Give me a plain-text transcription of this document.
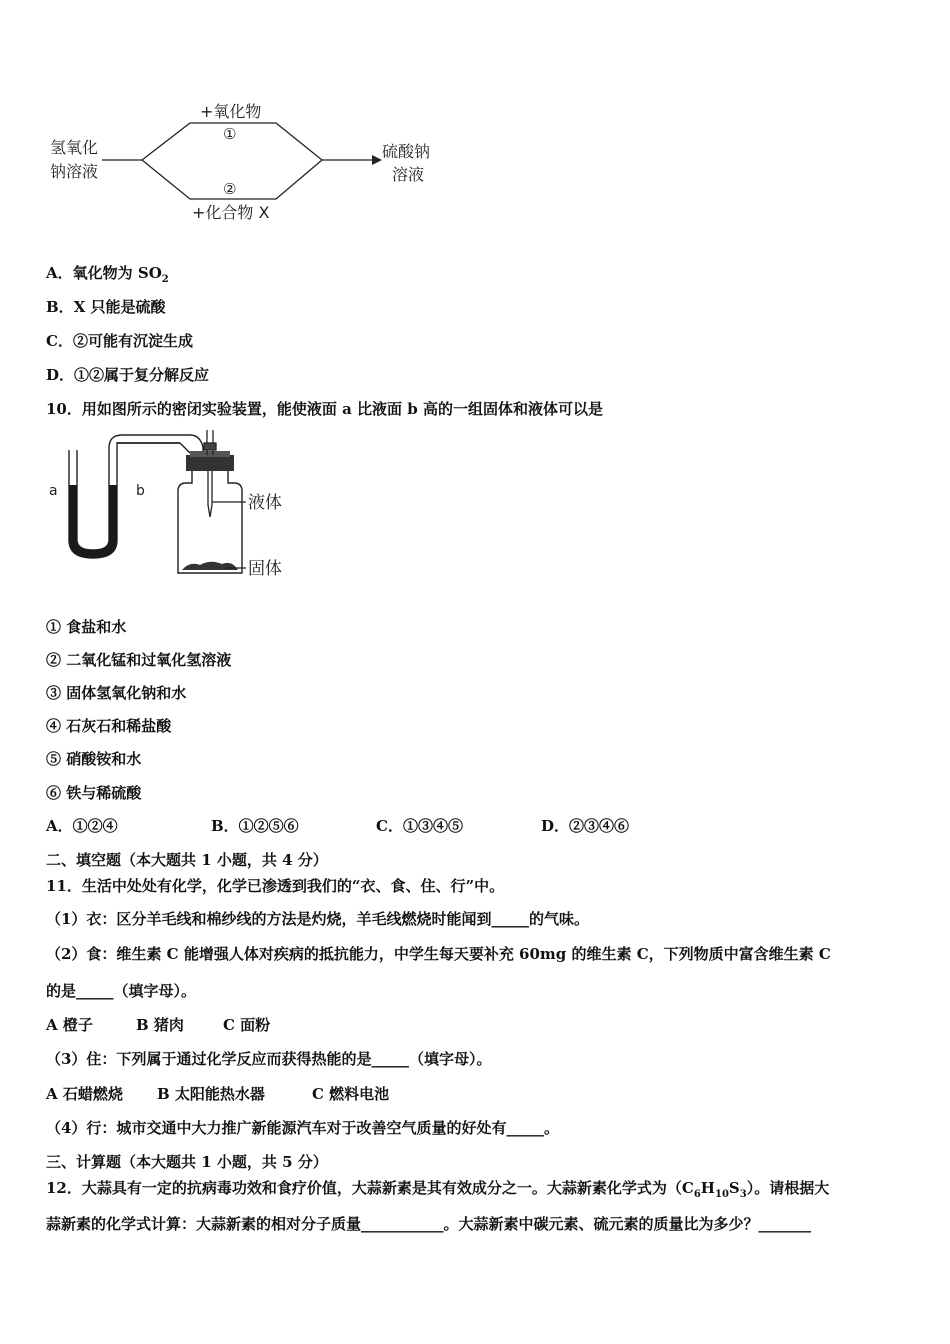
氢氧化
钠溶液
硫酸钠
溶液
+氧化物
①
②
+化合物 X
A．氧化物为 $SO_2$
B．X 只能是硫酸
C．②可能有沉淀生成
D．①②属于复分解反应
10．用如图所示的密闭实验装置，能使液面 a 比液面 b 高的一组固体和液体可以是
a	b
液体
固体
① 食盐和水
② 二氧化锰和过氧化氢溶液
③ 固体氢氧化钠和水
④ 石灰石和稀盐酸
⑤ 硝酸铵和水
⑥ 铁与稀硫酸
A．①②④	B．①②⑤⑥	C．①③④⑤	D．②③④⑥
二、填空题（本大题共 1 小题，共 4 分）
11．生活中处处有化学，化学已渗透到我们的“衣、食、住、行”中。
（1）衣：区分羊毛线和棉纱线的方法是灼烧，羊毛线燃烧时能闻到_____的气味。
（2）食：维生素 C 能增强人体对疾病的抵抗能力，中学生每天要补充 60mg 的维生素 C，下列物质中富含维生素 C
的是_____（填字母）。
A 橙子	B 猪肉	C 面粉
（3）住：下列属于通过化学反应而获得热能的是_____（填字母）。
A 石蜡燃烧 B 太阳能热水器	C 燃料电池
（4）行：城市交通中大力推广新能源汽车对于改善空气质量的好处有_____。
三、计算题（本大题共 1 小题，共 5 分）
12．大蒜具有一定的抗病毒功效和食疗价值，大蒜新素是其有效成分之一。大蒜新素化学式为$(C_6H_{10}S_3)$。请根据大
蒜新素的化学式计算：大蒜新素的相对分子质量___________。大蒜新素中碳元素、硫元素的质量比为多少？_______
